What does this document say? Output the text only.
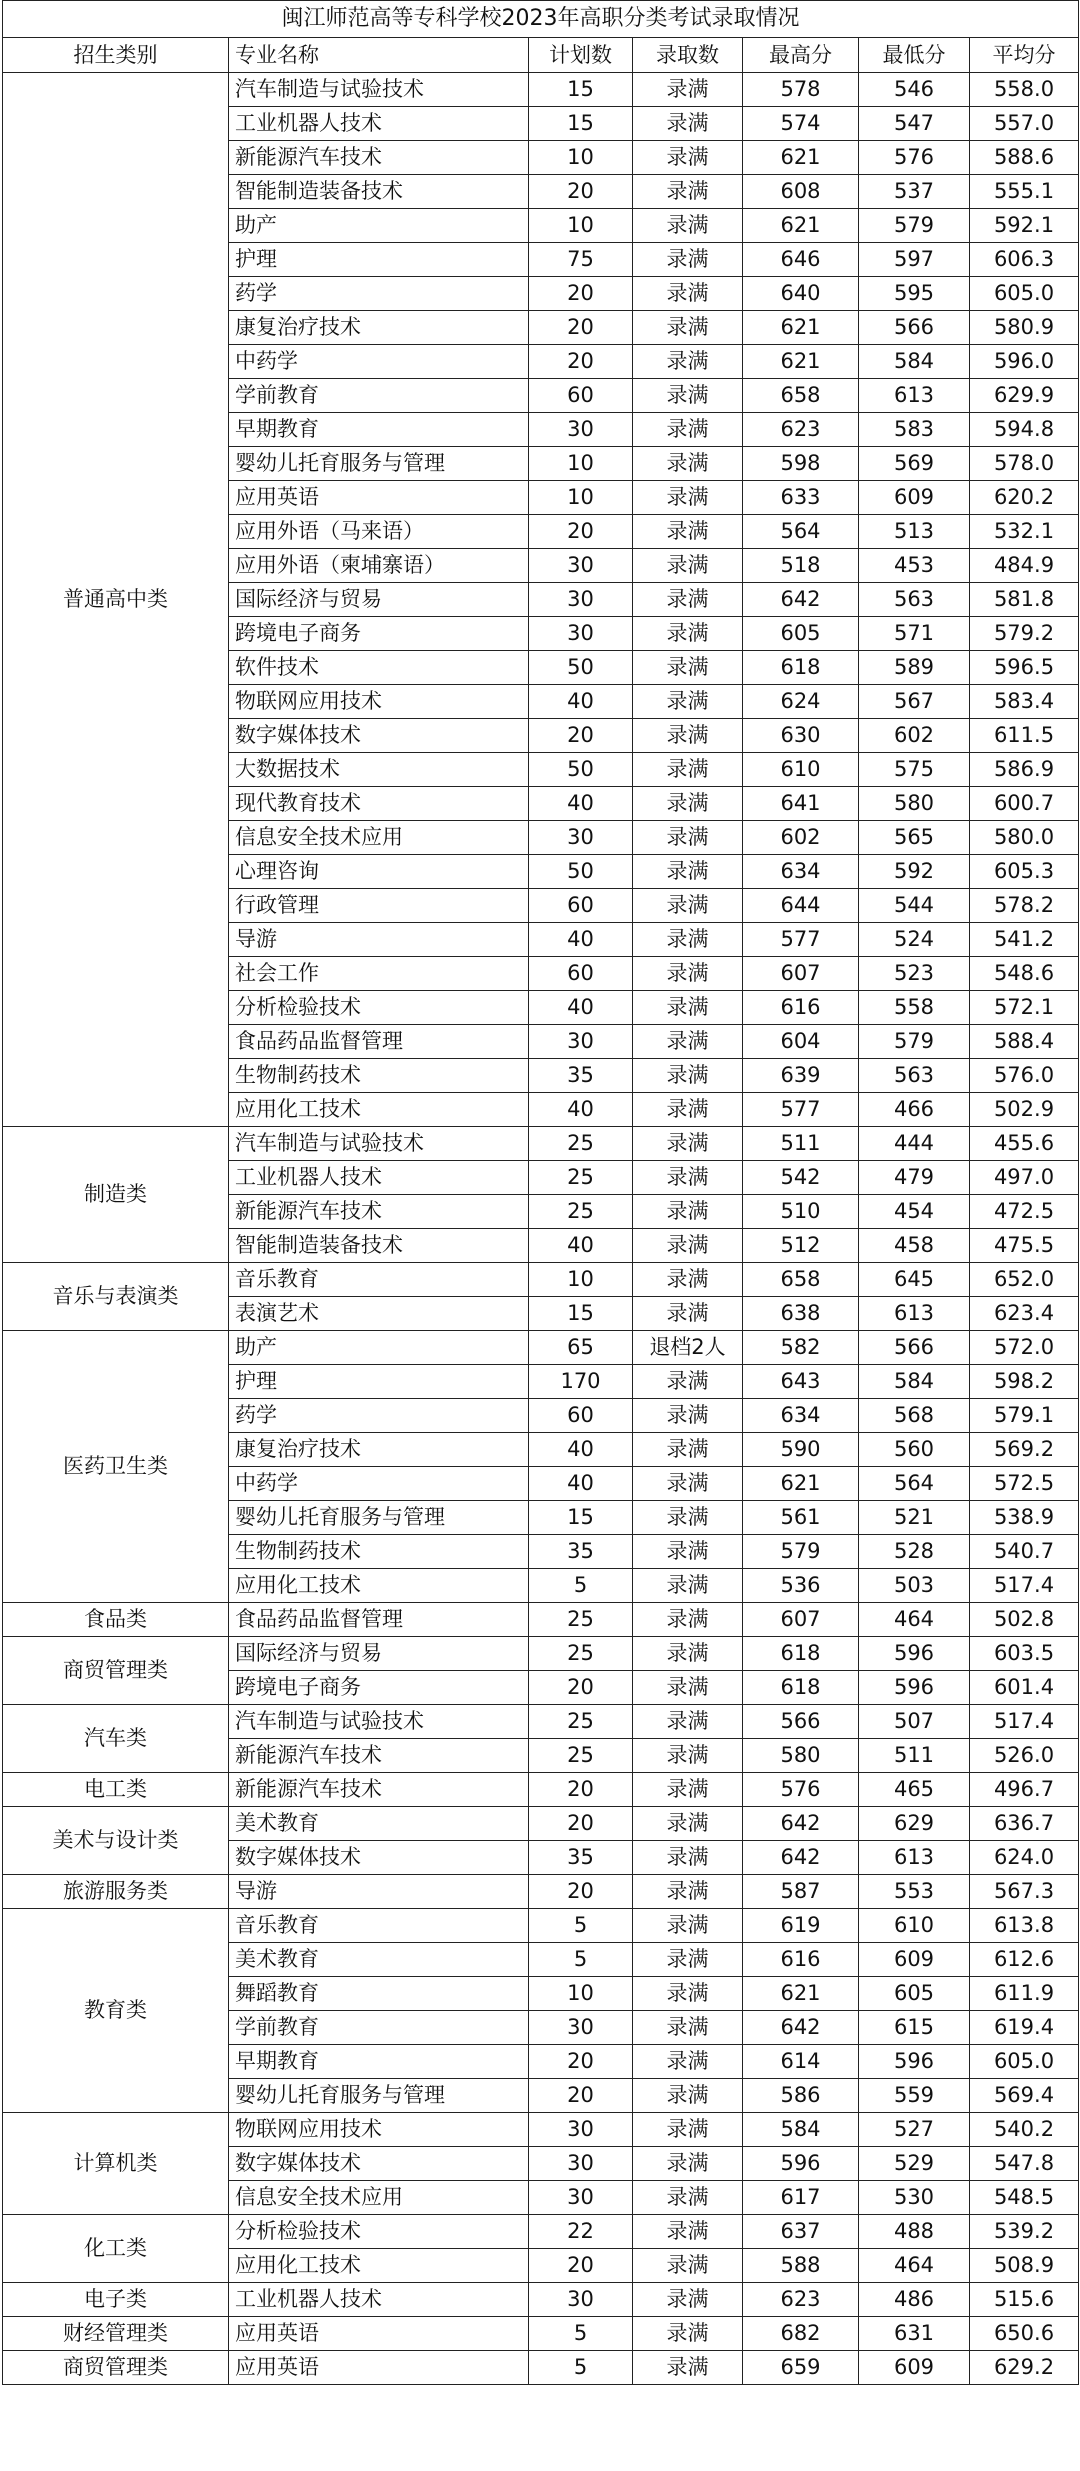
闽江师范高等专科学校2023年高职分类考试录取情况						
招生类别	专业名称	计划数	录取数	最高分	最低分	平均分
普通高中类	汽车制造与试验技术	15	录满	578	546	558.0
	工业机器人技术	15	录满	574	547	557.0
	新能源汽车技术	10	录满	621	576	588.6
	智能制造装备技术	20	录满	608	537	555.1
	助产	10	录满	621	579	592.1
	护理	75	录满	646	597	606.3
	药学	20	录满	640	595	605.0
	康复治疗技术	20	录满	621	566	580.9
	中药学	20	录满	621	584	596.0
	学前教育	60	录满	658	613	629.9
	早期教育	30	录满	623	583	594.8
	婴幼儿托育服务与管理	10	录满	598	569	578.0
	应用英语	10	录满	633	609	620.2
	应用外语（马来语）	20	录满	564	513	532.1
	应用外语（柬埔寨语）	30	录满	518	453	484.9
	国际经济与贸易	30	录满	642	563	581.8
	跨境电子商务	30	录满	605	571	579.2
	软件技术	50	录满	618	589	596.5
	物联网应用技术	40	录满	624	567	583.4
	数字媒体技术	20	录满	630	602	611.5
	大数据技术	50	录满	610	575	586.9
	现代教育技术	40	录满	641	580	600.7
	信息安全技术应用	30	录满	602	565	580.0
	心理咨询	50	录满	634	592	605.3
	行政管理	60	录满	644	544	578.2
	导游	40	录满	577	524	541.2
	社会工作	60	录满	607	523	548.6
	分析检验技术	40	录满	616	558	572.1
	食品药品监督管理	30	录满	604	579	588.4
	生物制药技术	35	录满	639	563	576.0
	应用化工技术	40	录满	577	466	502.9
制造类	汽车制造与试验技术	25	录满	511	444	455.6
	工业机器人技术	25	录满	542	479	497.0
	新能源汽车技术	25	录满	510	454	472.5
	智能制造装备技术	40	录满	512	458	475.5
音乐与表演类	音乐教育	10	录满	658	645	652.0
	表演艺术	15	录满	638	613	623.4
医药卫生类	助产	65	退档2人	582	566	572.0
	护理	170	录满	643	584	598.2
	药学	60	录满	634	568	579.1
	康复治疗技术	40	录满	590	560	569.2
	中药学	40	录满	621	564	572.5
	婴幼儿托育服务与管理	15	录满	561	521	538.9
	生物制药技术	35	录满	579	528	540.7
	应用化工技术	5	录满	536	503	517.4
食品类	食品药品监督管理	25	录满	607	464	502.8
商贸管理类	国际经济与贸易	25	录满	618	596	603.5
	跨境电子商务	20	录满	618	596	601.4
汽车类	汽车制造与试验技术	25	录满	566	507	517.4
	新能源汽车技术	25	录满	580	511	526.0
电工类	新能源汽车技术	20	录满	576	465	496.7
美术与设计类	美术教育	20	录满	642	629	636.7
	数字媒体技术	35	录满	642	613	624.0
旅游服务类	导游	20	录满	587	553	567.3
教育类	音乐教育	5	录满	619	610	613.8
	美术教育	5	录满	616	609	612.6
	舞蹈教育	10	录满	621	605	611.9
	学前教育	30	录满	642	615	619.4
	早期教育	20	录满	614	596	605.0
	婴幼儿托育服务与管理	20	录满	586	559	569.4
计算机类	物联网应用技术	30	录满	584	527	540.2
	数字媒体技术	30	录满	596	529	547.8
	信息安全技术应用	30	录满	617	530	548.5
化工类	分析检验技术	22	录满	637	488	539.2
	应用化工技术	20	录满	588	464	508.9
电子类	工业机器人技术	30	录满	623	486	515.6
财经管理类	应用英语	5	录满	682	631	650.6
商贸管理类	应用英语	5	录满	659	609	629.2
